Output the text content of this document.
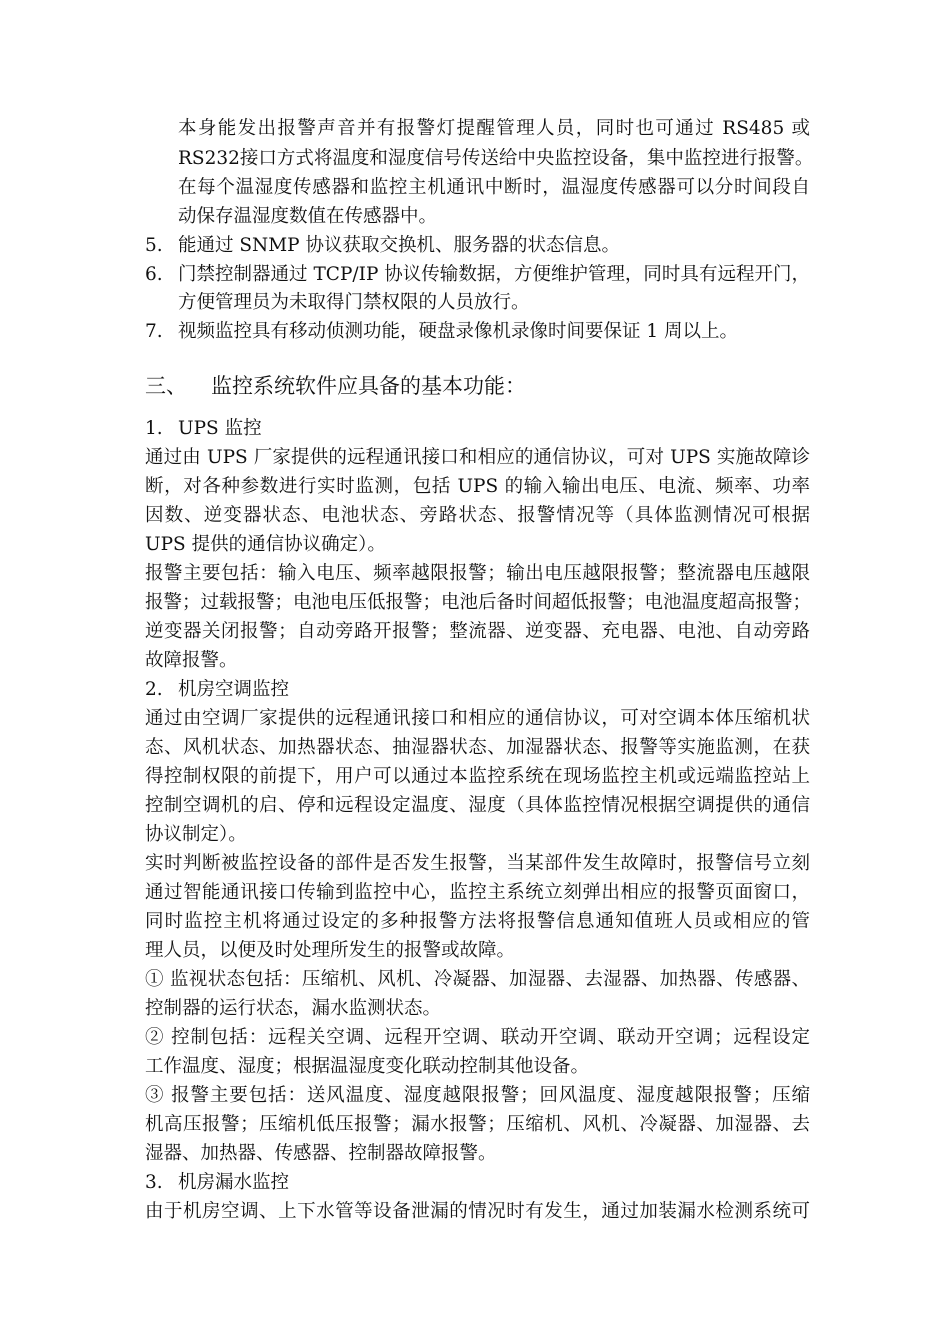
本身能发出报警声音并有报警灯提醒管理人员，同时也可通过 RS485 或
RS232接口方式将温度和湿度信号传送给中央监控设备，集中监控进行报警。
在每个温湿度传感器和监控主机通讯中断时，温湿度传感器可以分时间段自
动保存温湿度数值在传感器中。
5. 能通过 SNMP 协议获取交换机、服务器的状态信息。
6. 门禁控制器通过 TCP/IP 协议传输数据，方便维护管理，同时具有远程开门，
方便管理员为未取得门禁权限的人员放行。
7. 视频监控具有移动侦测功能，硬盘录像机录像时间要保证 1 周以上。
三、 监控系统软件应具备的基本功能：
1. UPS 监控
通过由 UPS 厂家提供的远程通讯接口和相应的通信协议，可对 UPS 实施故障诊
断，对各种参数进行实时监测，包括 UPS 的输入输出电压、电流、频率、功率
因数、逆变器状态、电池状态、旁路状态、报警情况等（具体监测情况可根据
UPS 提供的通信协议确定）。
报警主要包括：输入电压、频率越限报警；输出电压越限报警；整流器电压越限
报警；过载报警；电池电压低报警；电池后备时间超低报警；电池温度超高报警；
逆变器关闭报警；自动旁路开报警；整流器、逆变器、充电器、电池、自动旁路
故障报警。
2. 机房空调监控
通过由空调厂家提供的远程通讯接口和相应的通信协议，可对空调本体压缩机状
态、风机状态、加热器状态、抽湿器状态、加湿器状态、报警等实施监测，在获
得控制权限的前提下，用户可以通过本监控系统在现场监控主机或远端监控站上
控制空调机的启、停和远程设定温度、湿度（具体监控情况根据空调提供的通信
协议制定）。
实时判断被监控设备的部件是否发生报警，当某部件发生故障时，报警信号立刻
通过智能通讯接口传输到监控中心，监控主系统立刻弹出相应的报警页面窗口，
同时监控主机将通过设定的多种报警方法将报警信息通知值班人员或相应的管
理人员，以便及时处理所发生的报警或故障。
① 监视状态包括：压缩机、风机、冷凝器、加湿器、去湿器、加热器、传感器、
控制器的运行状态，漏水监测状态。
② 控制包括：远程关空调、远程开空调、联动开空调、联动开空调；远程设定
工作温度、湿度；根据温湿度变化联动控制其他设备。
③ 报警主要包括：送风温度、湿度越限报警；回风温度、湿度越限报警；压缩
机高压报警；压缩机低压报警；漏水报警；压缩机、风机、冷凝器、加湿器、去
湿器、加热器、传感器、控制器故障报警。
3. 机房漏水监控
由于机房空调、上下水管等设备泄漏的情况时有发生，通过加装漏水检测系统可
